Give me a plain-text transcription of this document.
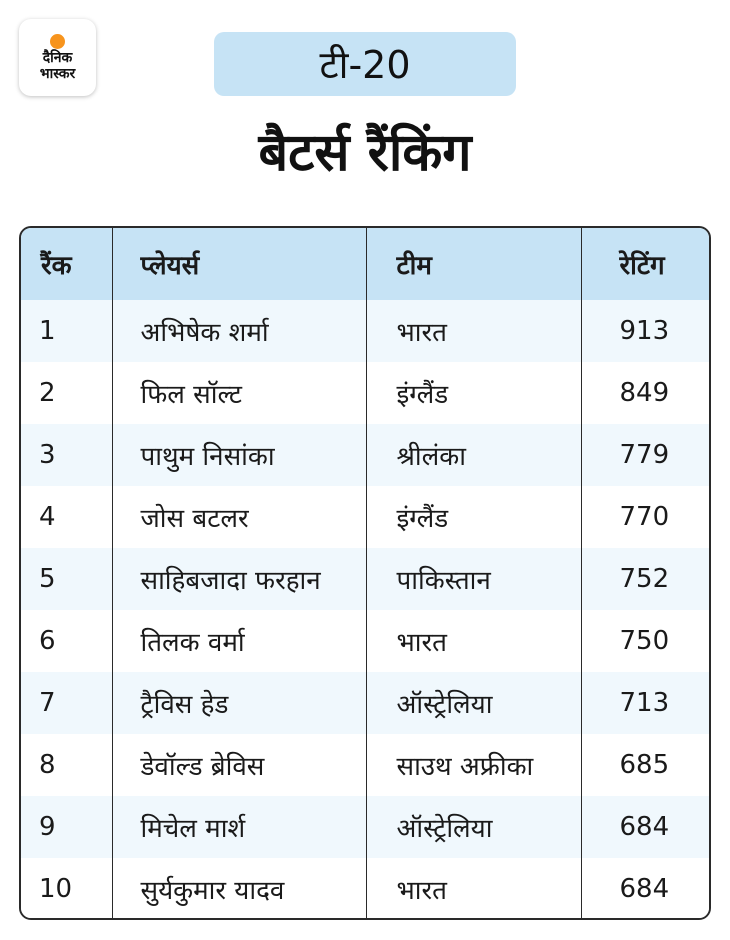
दैनिक
भास्कर	टी-20
बैटर्स रैंकिंग
रैंक	प्लेयर्स	टीम	रेटिंग
1	अभिषेक शर्मा	भारत	913
2	फिल सॉल्ट	इंग्लैंड	849
3	पाथुम निसांका	श्रीलंका	779
4	जोस बटलर	इंग्लैंड	770
5	साहिबजादा फरहान	पाकिस्तान	752
6	तिलक वर्मा	भारत	750
7	ट्रैविस हेड	ऑस्ट्रेलिया	713
8	डेवॉल्ड ब्रेविस	साउथ अफ्रीका	685
9	मिचेल मार्श	ऑस्ट्रेलिया	684
10	सुर्यकुमार यादव	भारत	684
